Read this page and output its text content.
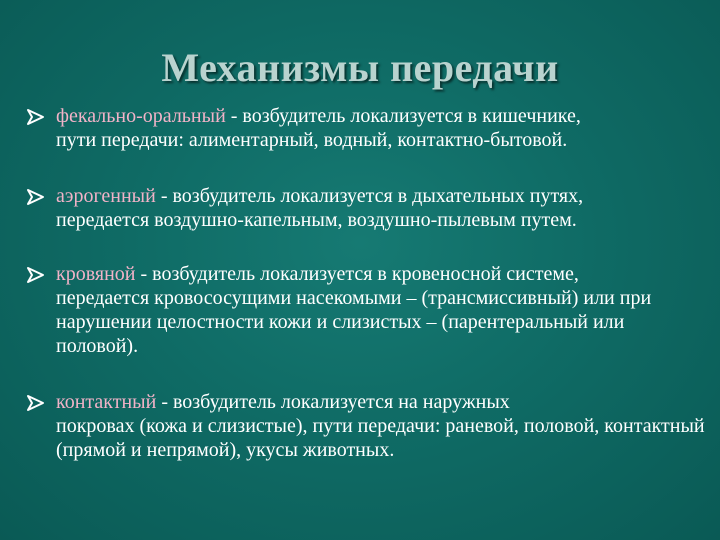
Механизмы передачи
фекально-оральный - возбудитель локализуется в кишечнике,
пути передачи: алиментарный, водный, контактно-бытовой.
аэрогенный - возбудитель локализуется в дыхательных путях,
передается воздушно-капельным, воздушно-пылевым путем.
кровяной - возбудитель локализуется в кровеносной системе,
передается кровососущими насекомыми – (трансмиссивный) или при нарушении целостности кожи и слизистых – (парентеральный или половой).
контактный - возбудитель локализуется на наружных
покровах (кожа и слизистые), пути передачи: раневой, половой, контактный (прямой и непрямой), укусы животных.
